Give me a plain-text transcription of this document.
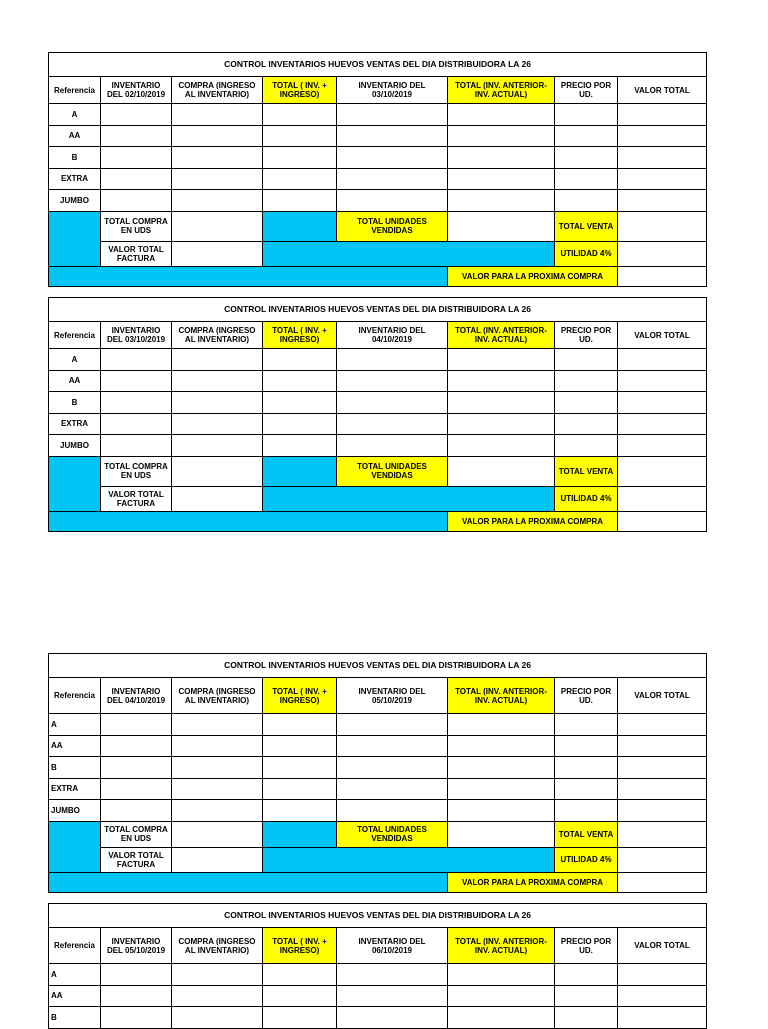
CONTROL INVENTARIOS HUEVOS VENTAS DEL DIA DISTRIBUIDORA LA 26							
Referencia	INVENTARIO DEL 02/10/2019	COMPRA (INGRESO AL INVENTARIO)	TOTAL ( INV. + INGRESO)	INVENTARIO DEL 03/10/2019	TOTAL (INV. ANTERIOR- INV. ACTUAL)	PRECIO POR UD.	VALOR TOTAL
A							
AA							
B							
EXTRA							
JUMBO							
	TOTAL COMPRA EN UDS			TOTAL UNIDADES VENDIDAS		TOTAL VENTA	
	VALOR TOTAL FACTURA					UTILIDAD 4%	
					VALOR PARA LA PROXIMA COMPRA		
CONTROL INVENTARIOS HUEVOS VENTAS DEL DIA DISTRIBUIDORA LA 26							
Referencia	INVENTARIO DEL 03/10/2019	COMPRA (INGRESO AL INVENTARIO)	TOTAL ( INV. + INGRESO)	INVENTARIO DEL 04/10/2019	TOTAL (INV. ANTERIOR- INV. ACTUAL)	PRECIO POR UD.	VALOR TOTAL
A							
AA							
B							
EXTRA							
JUMBO							
	TOTAL COMPRA EN UDS			TOTAL UNIDADES VENDIDAS		TOTAL VENTA	
	VALOR TOTAL FACTURA					UTILIDAD 4%	
					VALOR PARA LA PROXIMA COMPRA		
CONTROL INVENTARIOS HUEVOS VENTAS DEL DIA DISTRIBUIDORA LA 26							
Referencia	INVENTARIO DEL 04/10/2019	COMPRA (INGRESO AL INVENTARIO)	TOTAL ( INV. + INGRESO)	INVENTARIO DEL 05/10/2019	TOTAL (INV. ANTERIOR- INV. ACTUAL)	PRECIO POR UD.	VALOR TOTAL
A							
AA							
B							
EXTRA							
JUMBO							
	TOTAL COMPRA EN UDS			TOTAL UNIDADES VENDIDAS		TOTAL VENTA	
	VALOR TOTAL FACTURA					UTILIDAD 4%	
					VALOR PARA LA PROXIMA COMPRA		
CONTROL INVENTARIOS HUEVOS VENTAS DEL DIA DISTRIBUIDORA LA 26							
Referencia	INVENTARIO DEL 05/10/2019	COMPRA (INGRESO AL INVENTARIO)	TOTAL ( INV. + INGRESO)	INVENTARIO DEL 06/10/2019	TOTAL (INV. ANTERIOR- INV. ACTUAL)	PRECIO POR UD.	VALOR TOTAL
A							
AA							
B							
